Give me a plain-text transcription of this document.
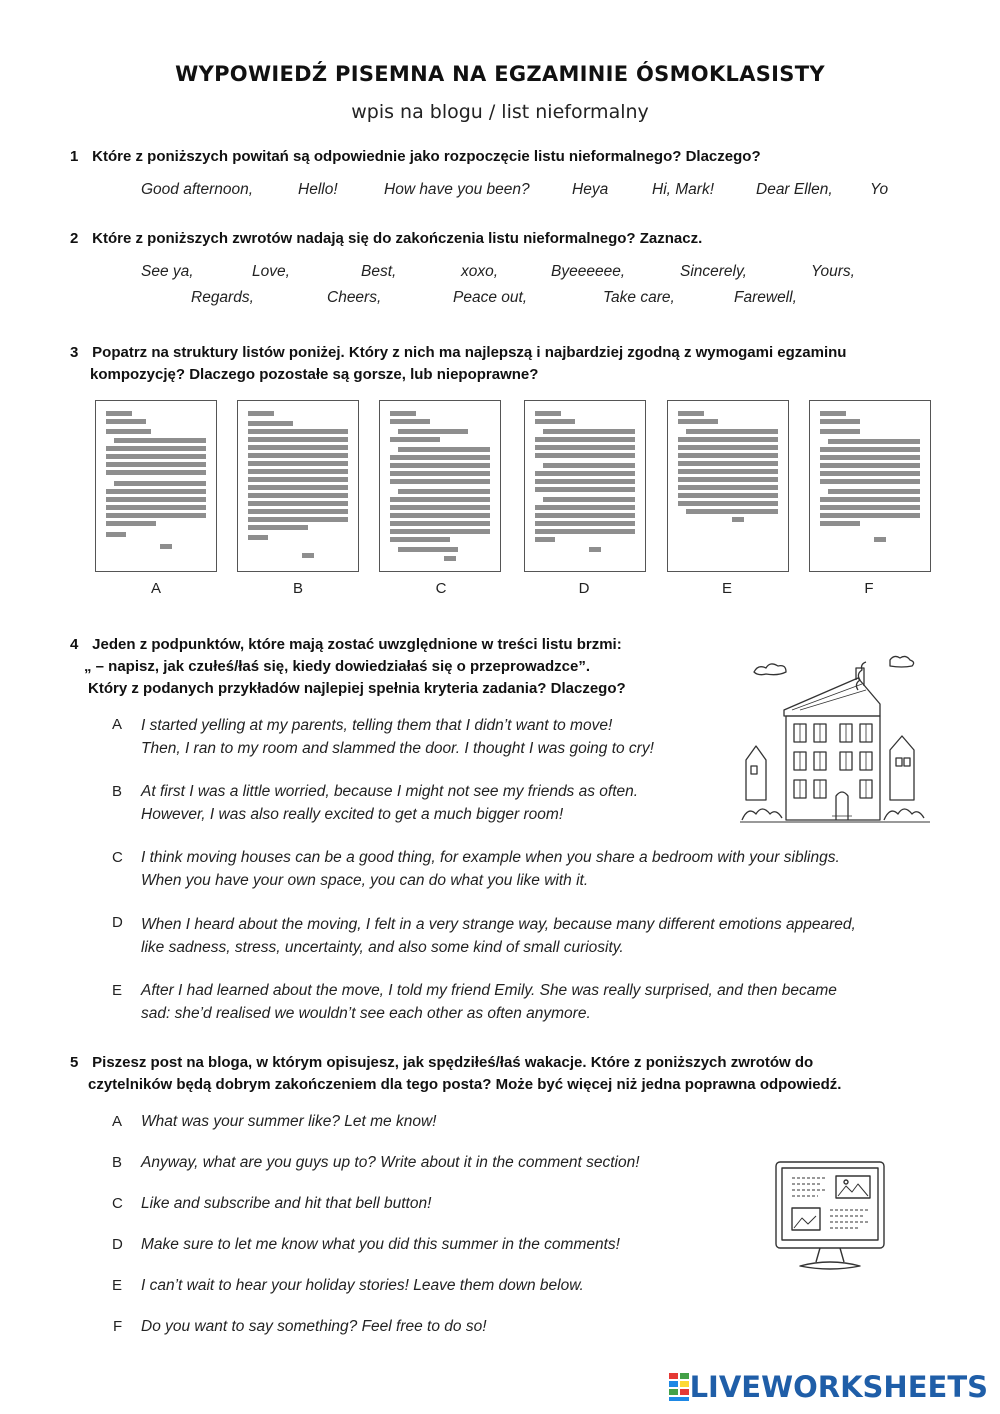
WYPOWIEDŹ PISEMNA NA EGZAMINIE ÓSMOKLASISTY
wpis na blogu / list nieformalny
1 Które z poniższych powitań są odpowiednie jako rozpoczęcie listu nieformalnego? Dlaczego?
Good afternoon,	Hello!	How have you been?	Heya	Hi, Mark!	Dear Ellen, Yo
2 Które z poniższych zwrotów nadają się do zakończenia listu nieformalnego? Zaznacz.
See ya,	Love,	Best,	xoxo,	Byeeeeee,	Sincerely,	Yours,
Regards,	Cheers,	Peace out,	Take care,	Farewell,
3 Popatrz na struktury listów poniżej. Który z nich ma najlepszą i najbardziej zgodną z wymogami egzaminu
kompozycję? Dlaczego pozostałe są gorsze, lub niepoprawne?
A	B	C	D	E	F
4 Jeden z podpunktów, które mają zostać uwzględnione w treści listu brzmi:
„ – napisz, jak czułeś/łaś się, kiedy dowiedziałaś się o przeprowadzce”.
Który z podanych przykładów najlepiej spełnia kryteria zadania? Dlaczego?
A I started yelling at my parents, telling them that I didn’t want to move!
Then, I ran to my room and slammed the door. I thought I was going to cry!
B At first I was a little worried, because I might not see my friends as often.
However, I was also really excited to get a much bigger room!
C I think moving houses can be a good thing, for example when you share a bedroom with your siblings.
When you have your own space, you can do what you like with it.
D When I heard about the moving, I felt in a very strange way, because many different emotions appeared,
like sadness, stress, uncertainty, and also some kind of small curiosity.
E After I had learned about the move, I told my friend Emily. She was really surprised, and then became
sad: she’d realised we wouldn’t see each other as often anymore.
5 Piszesz post na bloga, w którym opisujesz, jak spędziłeś/łaś wakacje. Które z poniższych zwrotów do
czytelników będą dobrym zakończeniem dla tego posta? Może być więcej niż jedna poprawna odpowiedź.
A What was your summer like? Let me know!
B Anyway, what are you guys up to? Write about it in the comment section!
C Like and subscribe and hit that bell button!
D Make sure to let me know what you did this summer in the comments!
E I can’t wait to hear your holiday stories! Leave them down below.
F Do you want to say something? Feel free to do so!
LIVEWORKSHEETS
